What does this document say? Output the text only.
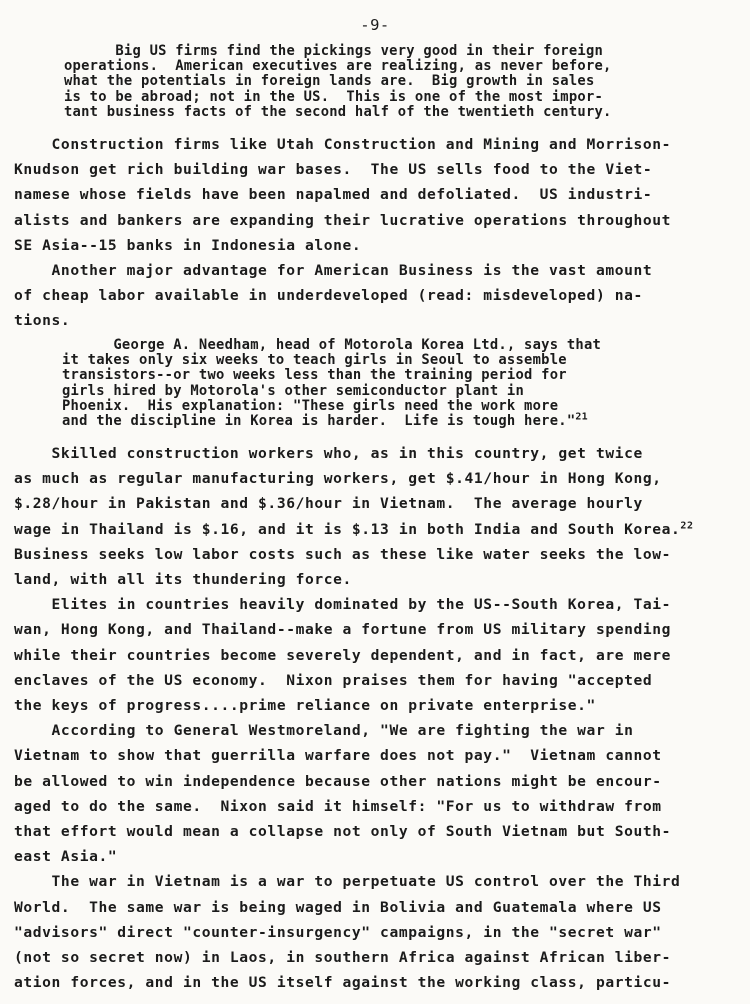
-9-
Big US firms find the pickings very good in their foreign
operations.  American executives are realizing, as never before,
what the potentials in foreign lands are.  Big growth in sales
is to be abroad; not in the US.  This is one of the most impor-
tant business facts of the second half of the twentieth century.
Construction firms like Utah Construction and Mining and Morrison-
Knudson get rich building war bases.  The US sells food to the Viet-
namese whose fields have been napalmed and defoliated.  US industri-
alists and bankers are expanding their lucrative operations throughout
SE Asia--15 banks in Indonesia alone.
Another major advantage for American Business is the vast amount
of cheap labor available in underdeveloped (read: misdeveloped) na-
tions.
George A. Needham, head of Motorola Korea Ltd., says that
it takes only six weeks to teach girls in Seoul to assemble
transistors--or two weeks less than the training period for
girls hired by Motorola's other semiconductor plant in
Phoenix.  His explanation: "These girls need the work more
and the discipline in Korea is harder.  Life is tough here."$^{21}$
Skilled construction workers who, as in this country, get twice
as much as regular manufacturing workers, get $.41/hour in Hong Kong,
$.28/hour in Pakistan and $.36/hour in Vietnam.  The average hourly
wage in Thailand is $.16, and it is $.13 in both India and South Korea.$^{22}$
Business seeks low labor costs such as these like water seeks the low-
land, with all its thundering force.
Elites in countries heavily dominated by the US--South Korea, Tai-
wan, Hong Kong, and Thailand--make a fortune from US military spending
while their countries become severely dependent, and in fact, are mere
enclaves of the US economy.  Nixon praises them for having "accepted
the keys of progress....prime reliance on private enterprise."
According to General Westmoreland, "We are fighting the war in
Vietnam to show that guerrilla warfare does not pay."  Vietnam cannot
be allowed to win independence because other nations might be encour-
aged to do the same.  Nixon said it himself: "For us to withdraw from
that effort would mean a collapse not only of South Vietnam but South-
east Asia."
The war in Vietnam is a war to perpetuate US control over the Third
World.  The same war is being waged in Bolivia and Guatemala where US
"advisors" direct "counter-insurgency" campaigns, in the "secret war"
(not so secret now) in Laos, in southern Africa against African liber-
ation forces, and in the US itself against the working class, particu-
